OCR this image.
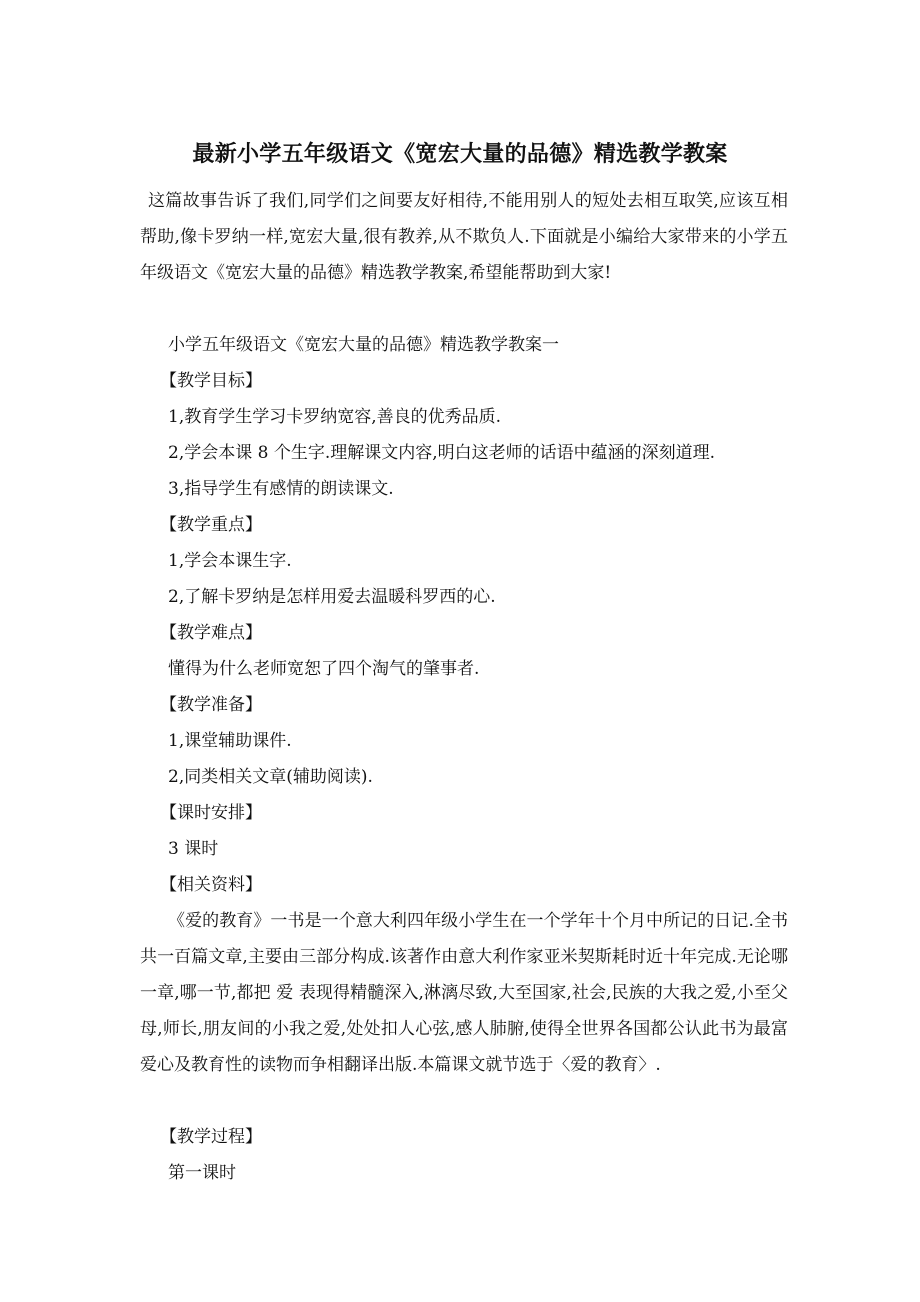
最新小学五年级语文《宽宏大量的品德》精选教学教案
这篇故事告诉了我们,同学们之间要友好相待,不能用别人的短处去相互取笑,应该互相帮助,像卡罗纳一样,宽宏大量,很有教养,从不欺负人.下面就是小编给大家带来的小学五年级语文《宽宏大量的品德》精选教学教案,希望能帮助到大家!
小学五年级语文《宽宏大量的品德》精选教学教案一
【教学目标】
1,教育学生学习卡罗纳宽容,善良的优秀品质.
2,学会本课 8 个生字.理解课文内容,明白这老师的话语中蕴涵的深刻道理.
3,指导学生有感情的朗读课文.
【教学重点】
1,学会本课生字.
2,了解卡罗纳是怎样用爱去温暖科罗西的心.
【教学难点】
懂得为什么老师宽恕了四个淘气的肇事者.
【教学准备】
1,课堂辅助课件.
2,同类相关文章(辅助阅读).
【课时安排】
3 课时
【相关资料】
《爱的教育》一书是一个意大利四年级小学生在一个学年十个月中所记的日记.全书共一百篇文章,主要由三部分构成.该著作由意大利作家亚米契斯耗时近十年完成.无论哪一章,哪一节,都把 爱 表现得精髓深入,淋漓尽致,大至国家,社会,民族的大我之爱,小至父母,师长,朋友间的小我之爱,处处扣人心弦,感人肺腑,使得全世界各国都公认此书为最富爱心及教育性的读物而争相翻译出版.本篇课文就节选于〈爱的教育〉.
【教学过程】
第一课时
